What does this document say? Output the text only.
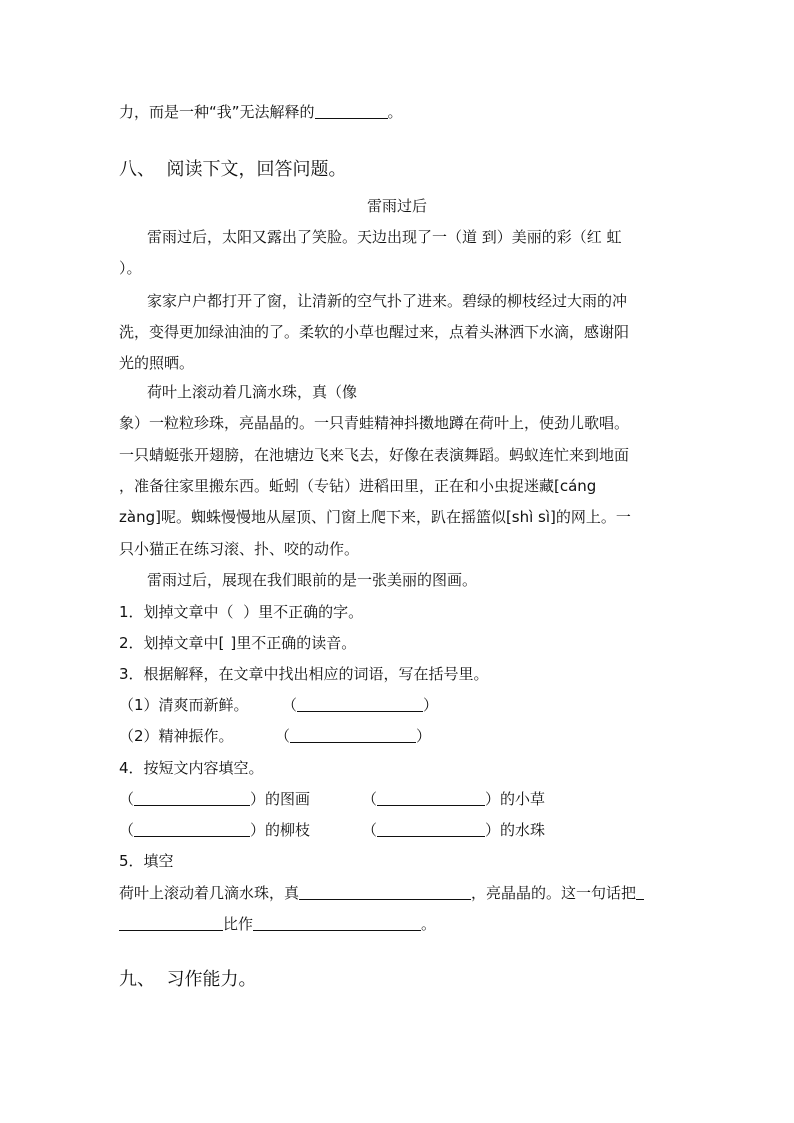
力，而是一种“我”无法解释的	。
八、  阅读下文，回答问题。
雷雨过后
雷雨过后，太阳又露出了笑脸。天边出现了一（道 到）美丽的彩（红 虹
）。
家家户户都打开了窗，让清新的空气扑了进来。碧绿的柳枝经过大雨的冲
洗，变得更加绿油油的了。柔软的小草也醒过来，点着头淋洒下水滴，感谢阳
光的照晒。
荷叶上滚动着几滴水珠，真（像
象）一粒粒珍珠，亮晶晶的。一只青蛙精神抖擞地蹲在荷叶上，使劲儿歌唱。
一只蜻蜓张开翅膀，在池塘边飞来飞去，好像在表演舞蹈。蚂蚁连忙来到地面
，准备往家里搬东西。蚯蚓（专钻）进稻田里，正在和小虫捉迷藏[cáng
zàng]呢。蜘蛛慢慢地从屋顶、门窗上爬下来，趴在摇篮似[shì sì]的网上。一
只小猫正在练习滚、扑、咬的动作。
雷雨过后，展现在我们眼前的是一张美丽的图画。
1．划掉文章中（  ）里不正确的字。
2．划掉文章中[ ]里不正确的读音。
3．根据解释，在文章中找出相应的词语，写在括号里。
（1）清爽而新鲜。 （	）
（2）精神振作。	（	）
4．按短文内容填空。
（	）的图画	（	）的小草
（	）的柳枝	（	）的水珠
5．填空
荷叶上滚动着几滴水珠，真	，亮晶晶的。这一句话把
比作	。
九、  习作能力。
